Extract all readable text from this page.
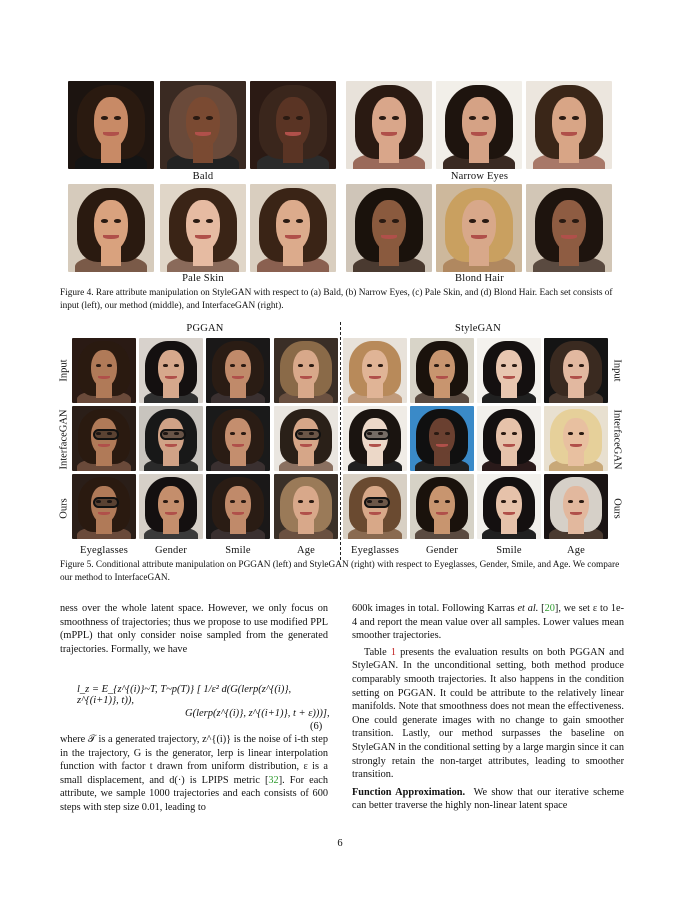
Bald	Narrow Eyes
Pale Skin	Blond Hair
Figure 4. Rare attribute manipulation on StyleGAN with respect to (a) Bald, (b) Narrow Eyes, (c) Pale Skin, and (d) Blond Hair. Each set consists of input (left), our method (middle), and InterfaceGAN (right).
PGGAN	StyleGAN
Input
InterfaceGAN
Ours
Input
InterfaceGAN
Ours
Eyeglasses	Gender	Smile	Age	Eyeglasses	Gender	Smile	Age
Figure 5. Conditional attribute manipulation on PGGAN (left) and StyleGAN (right) with respect to Eyeglasses, Gender, Smile, and Age. We compare our method to InterfaceGAN.

ness over the whole latent space. However, we only focus on smoothness of trajectories; thus we propose to use modified PPL (mPPL) that only consider noise sampled from the generated trajectories. Formally, we have

l_z = E_{z^{(i)}~T, T~p(T)} [ 1/ε² d(G(lerp(z^{(i)}, z^{(i+1)}, t)),
G(lerp(z^{(i)}, z^{(i+1)}, t + ε)))],
(6)

where 𝒯 is a generated trajectory, z^{(i)} is the noise of i-th step in the trajectory, G is the generator, lerp is linear interpolation function with factor t drawn from uniform distribution, ε is a small displacement, and d(·) is LPIPS metric [32]. For each attribute, we sample 1000 trajectories and each consists of 600 steps with step size 0.01, leading to

600k images in total. Following Karras et al. [20], we set ε to 1e-4 and report the mean value over all samples. Lower values mean smoother trajectories.

Table 1 presents the evaluation results on both PGGAN and StyleGAN. In the unconditional setting, both method produce comparably smooth trajectories. It also happens in the condition setting on PGGAN. It could be attribute to the relatively linear manifolds. Note that smoothness does not mean the effectiveness. One could generate images with no change to gain smoother transition. Lastly, our method surpasses the baseline on StyleGAN in the conditional setting by a large margin since it can strongly retain the non-target attributes, leading to smoother transition.

Function Approximation. We show that our iterative scheme can better traverse the highly non-linear latent space

6
